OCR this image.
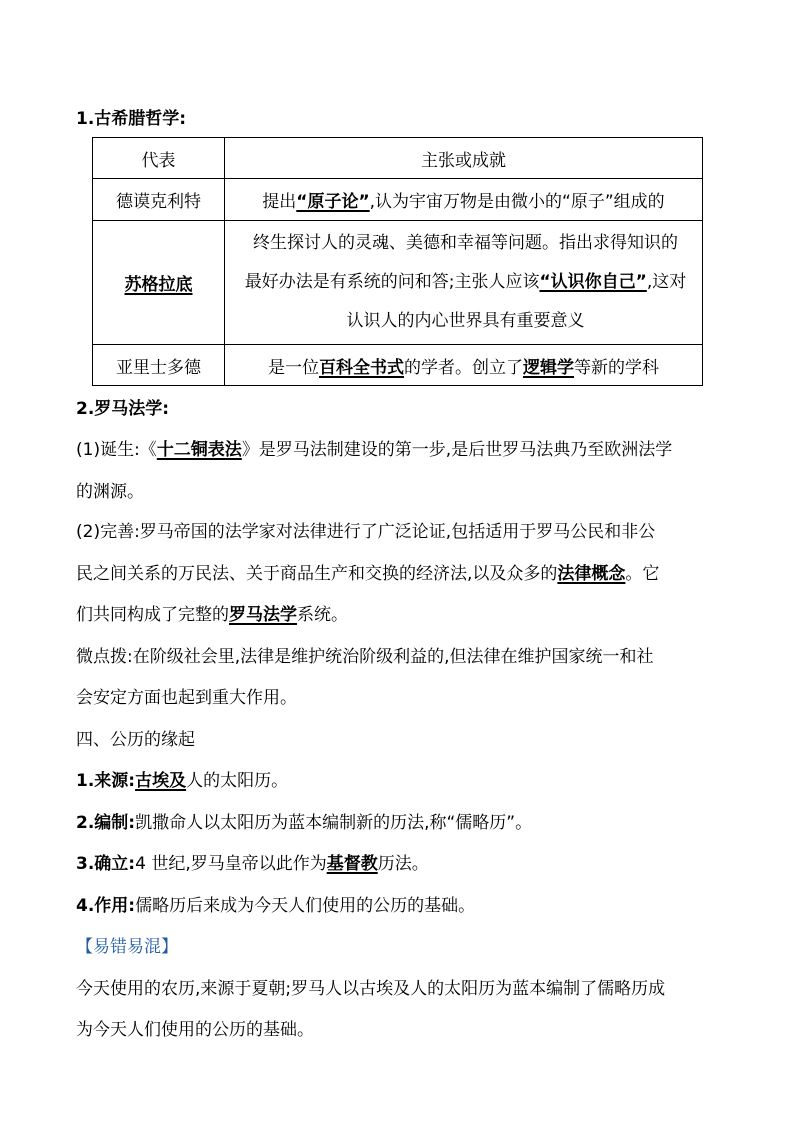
1.古希腊哲学:
代表	主张或成就
德谟克利特	提出“原子论”,认为宇宙万物是由微小的“原子”组成的
苏格拉底	终生探讨人的灵魂、美德和幸福等问题。指出求得知识的
最好办法是有系统的问和答;主张人应该“认识你自己”,这对
认识人的内心世界具有重要意义

亚里士多德	是一位百科全书式的学者。创立了逻辑学等新的学科
2.罗马法学:
(1)诞生:《十二铜表法》是罗马法制建设的第一步,是后世罗马法典乃至欧洲法学
的渊源。
(2)完善:罗马帝国的法学家对法律进行了广泛论证,包括适用于罗马公民和非公
民之间关系的万民法、关于商品生产和交换的经济法,以及众多的法律概念。它
们共同构成了完整的罗马法学系统。
微点拨:在阶级社会里,法律是维护统治阶级利益的,但法律在维护国家统一和社
会安定方面也起到重大作用。
四、公历的缘起
1.来源:古埃及人的太阳历。
2.编制:凯撒命人以太阳历为蓝本编制新的历法,称“儒略历”。
3.确立:4 世纪,罗马皇帝以此作为基督教历法。
4.作用:儒略历后来成为今天人们使用的公历的基础。
【易错易混】
今天使用的农历,来源于夏朝;罗马人以古埃及人的太阳历为蓝本编制了儒略历成
为今天人们使用的公历的基础。
